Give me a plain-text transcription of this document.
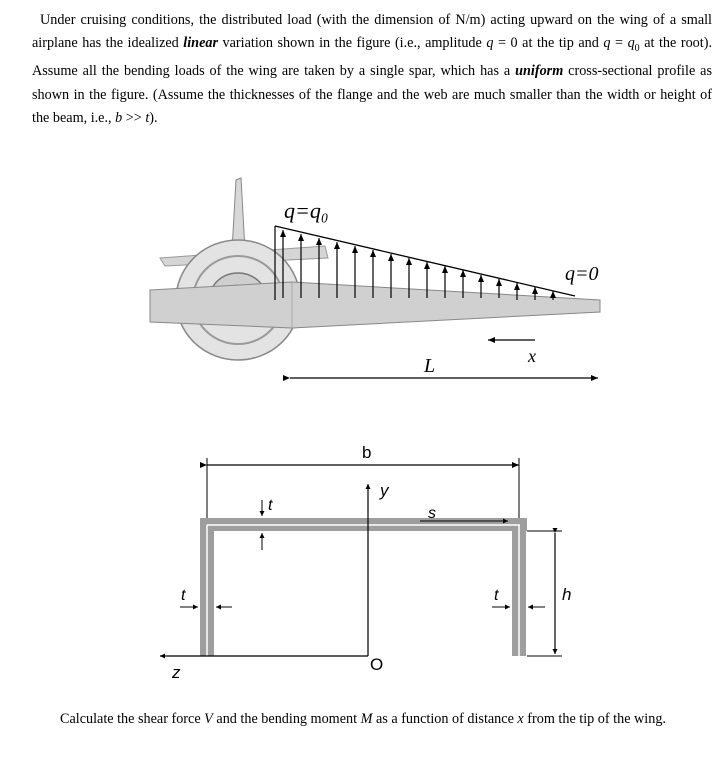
Under cruising conditions, the distributed load (with the dimension of N/m) acting upward on the wing of a small airplane has the idealized linear variation shown in the figure (i.e., amplitude q = 0 at the tip and $q = q_0$ at the root). Assume all the bending loads of the wing are taken by a single spar, which has a uniform cross-sectional profile as shown in the figure. (Assume the thicknesses of the flange and the web are much smaller than the width or height of the beam, i.e., b >> t).
q=q₀
q=0
L	x
b
y
O
s
t
t	t	h
z
Calculate the shear force V and the bending moment M as a function of distance x from the tip of the wing.
